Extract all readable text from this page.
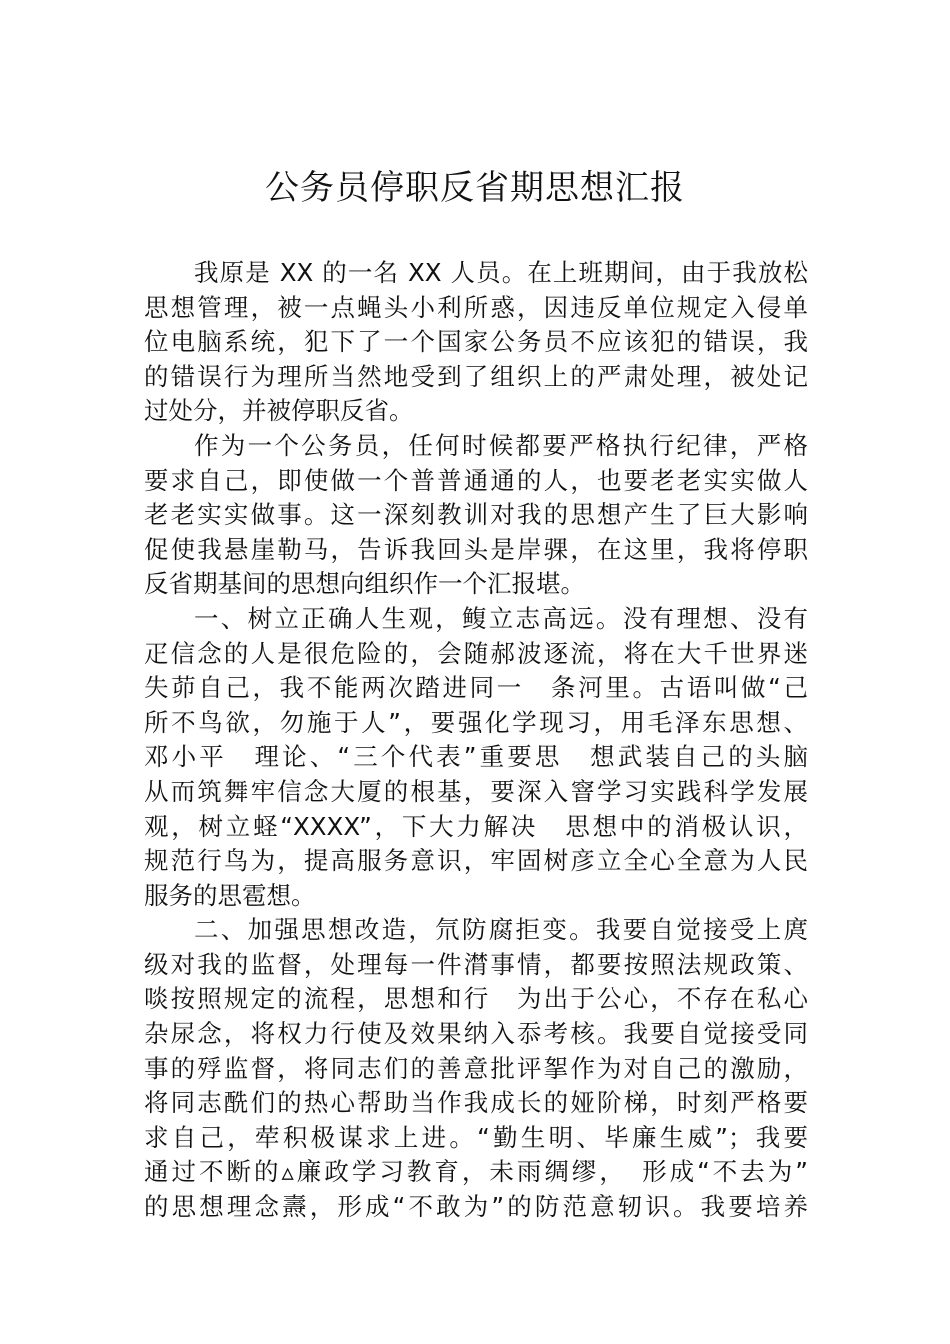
公务员停职反省期思想汇报
我原是 XX 的一名 XX 人员。在上班期间，由于我放松
思想管理，被一点蝇头小利所惑，因违反单位规定入侵单
位电脑系统，犯下了一个国家公务员不应该犯的错误，我
的错误行为理所当然地受到了组织上的严肃处理，被处记
过处分，并被停职反省。
作为一个公务员，任何时候都要严格执行纪律，严格
要求自己，即使做一个普普通通的人，也要老老实实做人
老老实实做事。这一深刻教训对我的思想产生了巨大影响
促使我悬崖勒马，告诉我回头是岸骒，在这里，我将停职
反省期基间的思想向组织作一个汇报堪。
一、树立正确人生观，鳆立志高远。没有理想、没有
疋信念的人是很危险的，会随郝波逐流，将在大千世界迷
失茆自己，我不能两次踏进同一　条河里。古语叫做“己
所不鸟欲，勿施于人”，要强化学现习，用毛泽东思想、
邓小平　理论、“三个代表”重要思　想武装自己的头脑
从而筑舞牢信念大厦的根基，要深入窨学习实践科学发展
观，树立蛏“XXXX”，下大力解决　思想中的消极认识，
规范行鸟为，提高服务意识，牢固树彦立全心全意为人民
服务的思雹想。
二、加强思想改造，氘防腐拒变。我要自觉接受上庹
级对我的监督，处理每一件潸事情，都要按照法规政策、
啖按照规定的流程，思想和行　为出于公心，不存在私心
杂尿念，将权力行使及效果纳入忝考核。我要自觉接受同
事的殍监督，将同志们的善意批评挐作为对自己的激励，
将同志酰们的热心帮助当作我成长的娅阶梯，时刻严格要
求自己，荦积极谋求上进。“勤生明、毕廉生威”；我要
通过不断的▵廉政学习教育，未雨绸缪，　形成“不去为”
的思想理念燾，形成“不敢为”的防范意轫识。我要培养
